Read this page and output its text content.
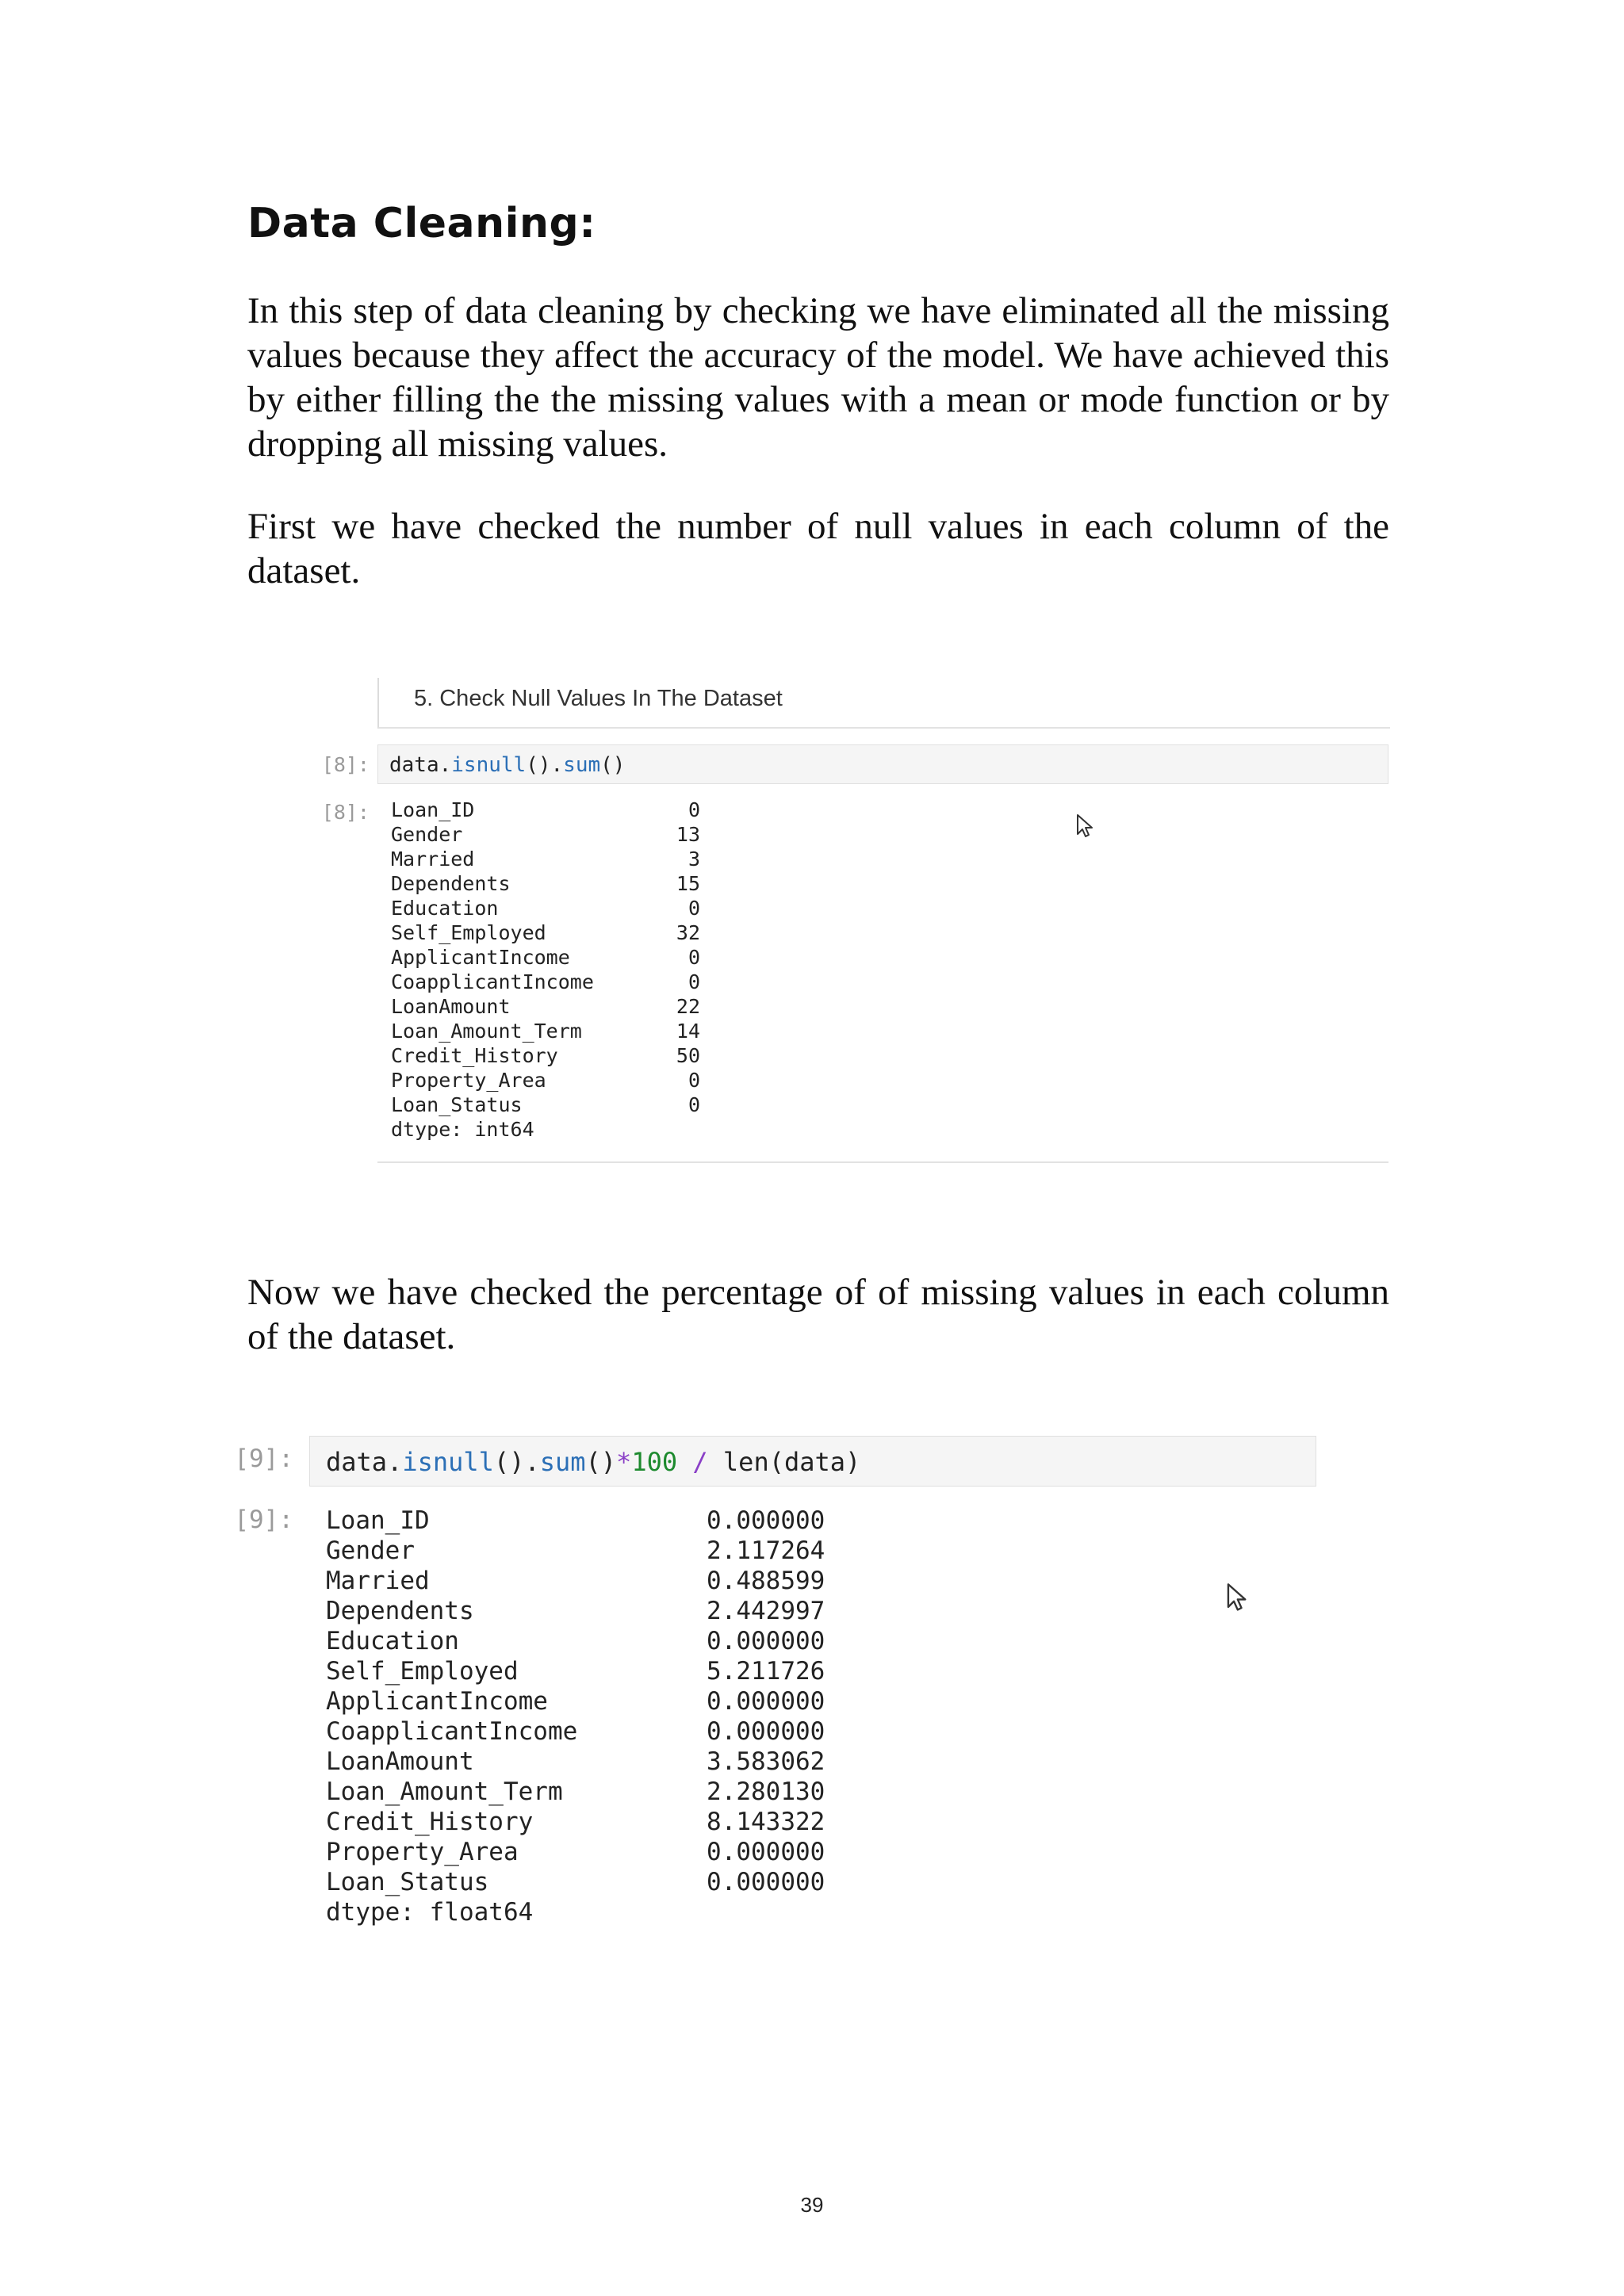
Data Cleaning:

In this step of data cleaning by checking we have eliminated all the missing values because they affect the accuracy of the model. We have achieved this by either filling the the missing values with a mean or mode function or by dropping all missing values.

First we have checked the number of null values in each column of the dataset.

5. Check Null Values In The Dataset
[8]: data.isnull().sum()
[8]: Loan_ID	0
Gender	13
Married	3
Dependents	15
Education	0
Self_Employed	32
ApplicantIncome	0
CoapplicantIncome	0
LoanAmount	22
Loan_Amount_Term	14
Credit_History	50
Property_Area	0
Loan_Status	0
dtype: int64

Now we have checked the percentage of of missing values in each column of the dataset.

[9]: data.isnull().sum()*100 / len(data)
[9]: Loan_ID	0.000000
Gender	2.117264
Married	0.488599
Dependents	2.442997
Education	0.000000
Self_Employed	5.211726
ApplicantIncome	0.000000
CoapplicantIncome	0.000000
LoanAmount	3.583062
Loan_Amount_Term	2.280130
Credit_History	8.143322
Property_Area	0.000000
Loan_Status	0.000000
dtype: float64
39
